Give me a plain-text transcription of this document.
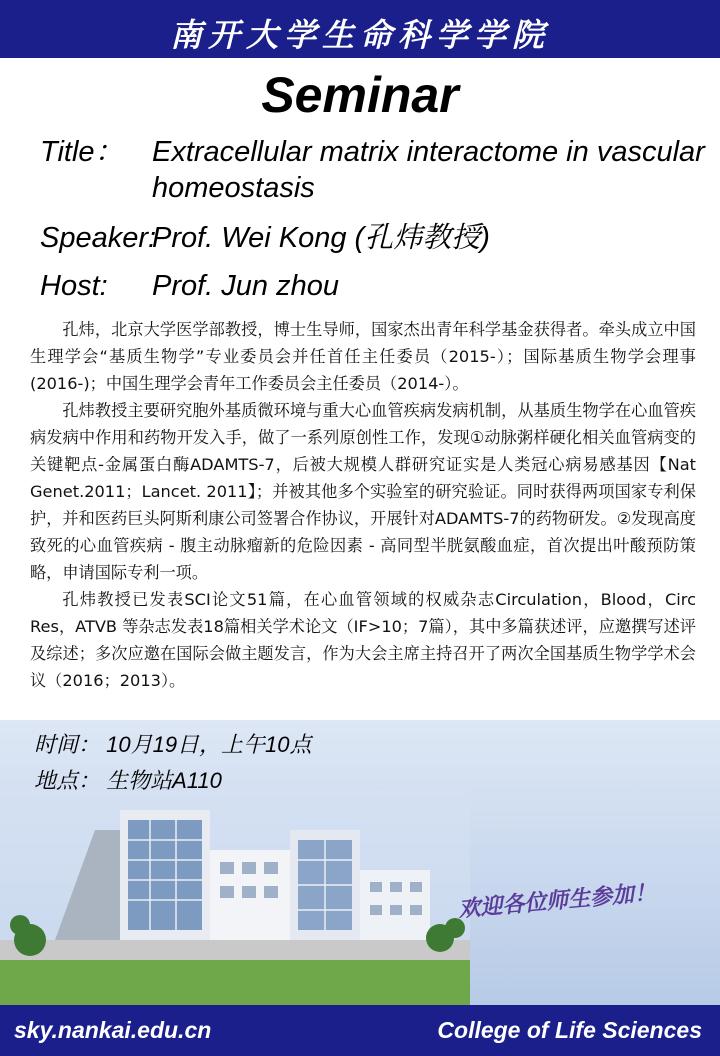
南开大学生命科学学院
Seminar
Title： Extracellular matrix interactome in vascular homeostasis
Speaker:
Prof. Wei Kong (孔炜教授)
Host: Prof. Jun zhou

孔炜，北京大学医学部教授，博士生导师，国家杰出青年科学基金获得者。牵头成立中国生理学会“基质生物学”专业委员会并任首任主任委员（2015-）；国际基质生物学会理事(2016-)；中国生理学会青年工作委员会主任委员（2014-）。

孔炜教授主要研究胞外基质微环境与重大心血管疾病发病机制，从基质生物学在心血管疾病发病中作用和药物开发入手，做了一系列原创性工作，发现①动脉粥样硬化相关血管病变的关键靶点-金属蛋白酶ADAMTS-7，后被大规模人群研究证实是人类冠心病易感基因【Nat Genet.2011；Lancet. 2011】；并被其他多个实验室的研究验证。同时获得两项国家专利保护，并和医药巨头阿斯利康公司签署合作协议，开展针对ADAMTS-7的药物研发。②发现高度致死的心血管疾病 - 腹主动脉瘤新的危险因素 - 高同型半胱氨酸血症，首次提出叶酸预防策略，申请国际专利一项。

孔炜教授已发表SCI论文51篇，在心血管领域的权威杂志Circulation，Blood，Circ Res，ATVB 等杂志发表18篇相关学术论文（IF>10；7篇），其中多篇获述评，应邀撰写述评及综述；多次应邀在国际会做主题发言，作为大会主席主持召开了两次全国基质生物学学术会议（2016；2013）。

时间： 10月19日，上午10点
地点： 生物站A110
欢迎各位师生参加！
sky.nankai.edu.cn	College of Life Sciences
